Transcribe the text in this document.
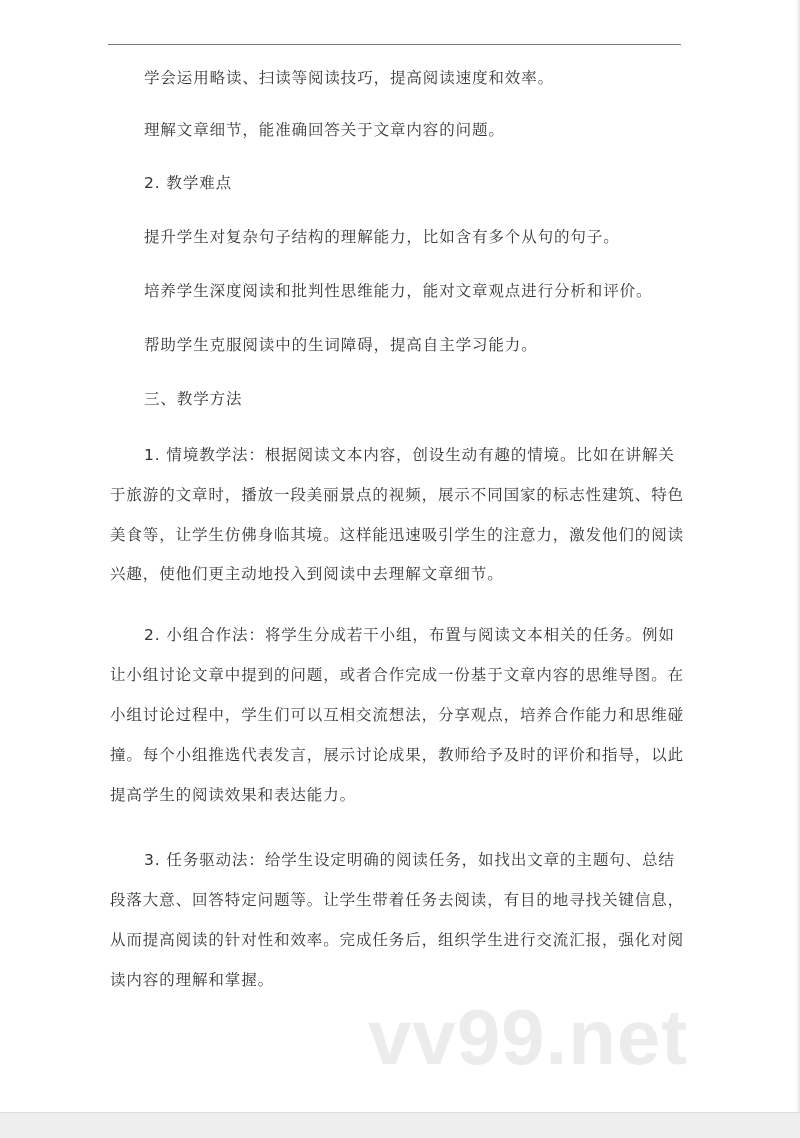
学会运用略读、扫读等阅读技巧，提高阅读速度和效率。
理解文章细节，能准确回答关于文章内容的问题。
2. 教学难点
提升学生对复杂句子结构的理解能力，比如含有多个从句的句子。
培养学生深度阅读和批判性思维能力，能对文章观点进行分析和评价。
帮助学生克服阅读中的生词障碍，提高自主学习能力。
三、教学方法
1. 情境教学法：根据阅读文本内容，创设生动有趣的情境。比如在讲解关
于旅游的文章时，播放一段美丽景点的视频，展示不同国家的标志性建筑、特色
美食等，让学生仿佛身临其境。这样能迅速吸引学生的注意力，激发他们的阅读
兴趣，使他们更主动地投入到阅读中去理解文章细节。
2. 小组合作法：将学生分成若干小组，布置与阅读文本相关的任务。例如
让小组讨论文章中提到的问题，或者合作完成一份基于文章内容的思维导图。在
小组讨论过程中，学生们可以互相交流想法，分享观点，培养合作能力和思维碰
撞。每个小组推选代表发言，展示讨论成果，教师给予及时的评价和指导，以此
提高学生的阅读效果和表达能力。
3. 任务驱动法：给学生设定明确的阅读任务，如找出文章的主题句、总结
段落大意、回答特定问题等。让学生带着任务去阅读，有目的地寻找关键信息，
从而提高阅读的针对性和效率。完成任务后，组织学生进行交流汇报，强化对阅
读内容的理解和掌握。
vv99.net
